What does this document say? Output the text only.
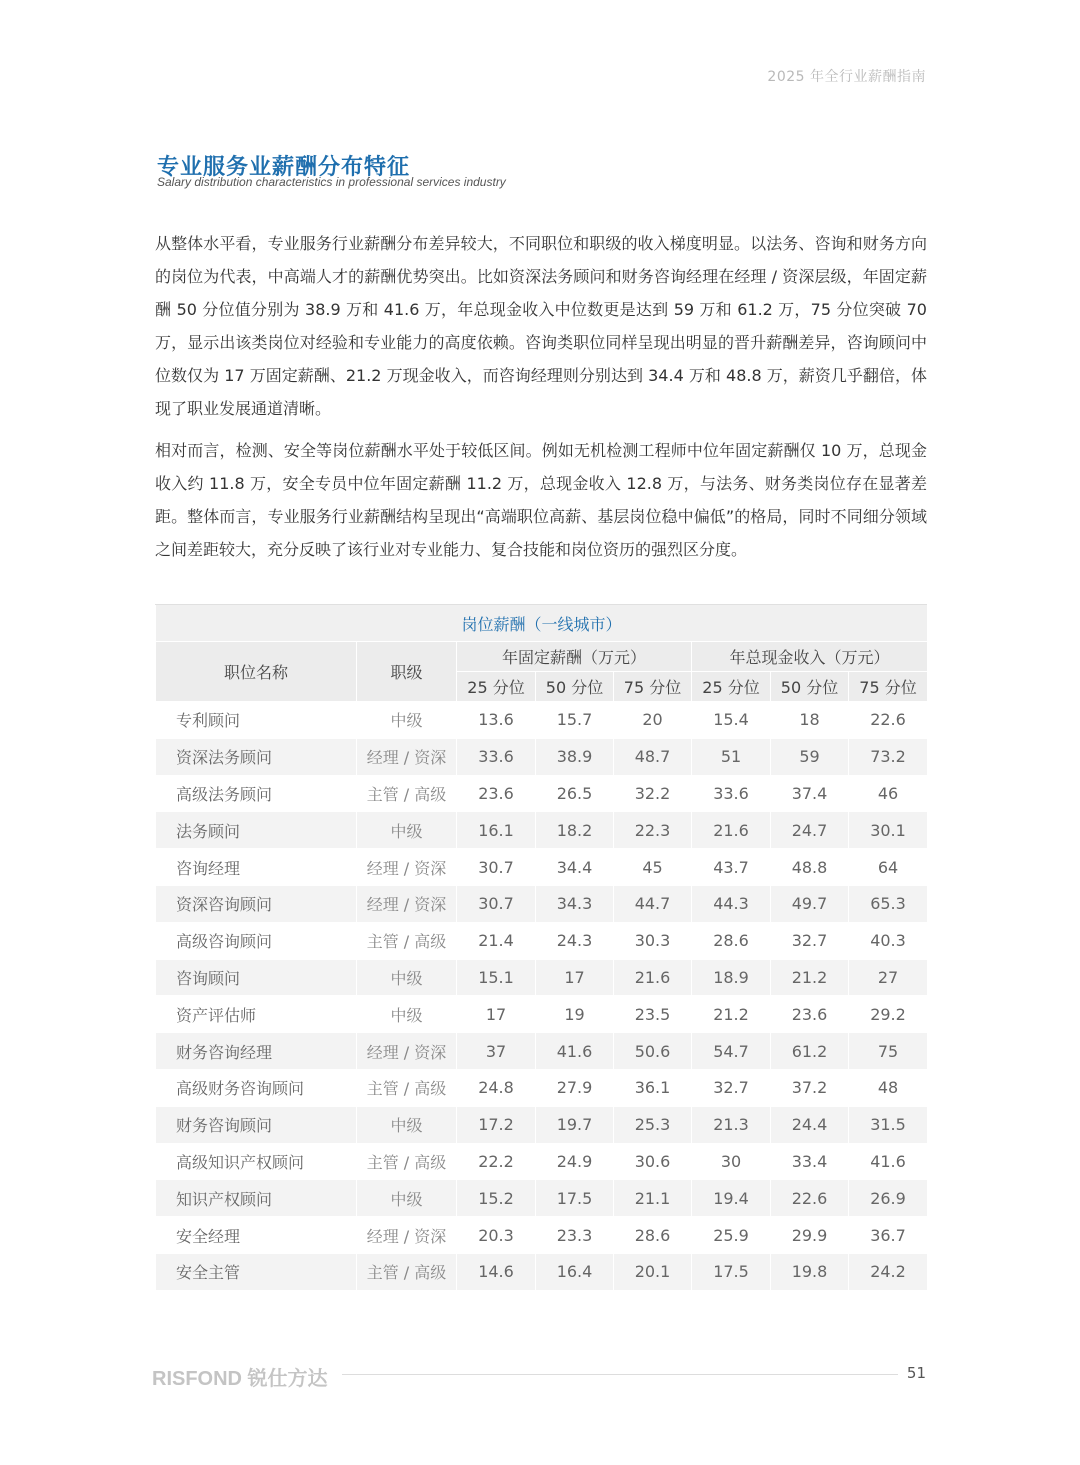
2025 年全行业薪酬指南
专业服务业薪酬分布特征
Salary distribution characteristics in professional services industry

从整体水平看，专业服务行业薪酬分布差异较大，不同职位和职级的收入梯度明显。以法务、咨询和财务方向的岗位为代表，中高端人才的薪酬优势突出。比如资深法务顾问和财务咨询经理在经理 / 资深层级，年固定薪酬 50 分位值分别为 38.9 万和 41.6 万，年总现金收入中位数更是达到 59 万和 61.2 万，75 分位突破 70 万，显示出该类岗位对经验和专业能力的高度依赖。咨询类职位同样呈现出明显的晋升薪酬差异，咨询顾问中位数仅为 17 万固定薪酬、21.2 万现金收入，而咨询经理则分别达到 34.4 万和 48.8 万，薪资几乎翻倍，体现了职业发展通道清晰。

相对而言，检测、安全等岗位薪酬水平处于较低区间。例如无机检测工程师中位年固定薪酬仅 10 万，总现金收入约 11.8 万，安全专员中位年固定薪酬 11.2 万，总现金收入 12.8 万，与法务、财务类岗位存在显著差距。整体而言，专业服务行业薪酬结构呈现出“高端职位高薪、基层岗位稳中偏低”的格局，同时不同细分领域之间差距较大，充分反映了该行业对专业能力、复合技能和岗位资历的强烈区分度。

岗位薪酬（一线城市）							
职位名称	职级	年固定薪酬（万元）			年总现金收入（万元）		
		25 分位	50 分位	75 分位	25 分位	50 分位	75 分位
专利顾问	中级	13.6	15.7	20	15.4	18	22.6
资深法务顾问	经理 / 资深	33.6	38.9	48.7	51	59	73.2
高级法务顾问	主管 / 高级	23.6	26.5	32.2	33.6	37.4	46
法务顾问	中级	16.1	18.2	22.3	21.6	24.7	30.1
咨询经理	经理 / 资深	30.7	34.4	45	43.7	48.8	64
资深咨询顾问	经理 / 资深	30.7	34.3	44.7	44.3	49.7	65.3
高级咨询顾问	主管 / 高级	21.4	24.3	30.3	28.6	32.7	40.3
咨询顾问	中级	15.1	17	21.6	18.9	21.2	27
资产评估师	中级	17	19	23.5	21.2	23.6	29.2
财务咨询经理	经理 / 资深	37	41.6	50.6	54.7	61.2	75
高级财务咨询顾问	主管 / 高级	24.8	27.9	36.1	32.7	37.2	48
财务咨询顾问	中级	17.2	19.7	25.3	21.3	24.4	31.5
高级知识产权顾问	主管 / 高级	22.2	24.9	30.6	30	33.4	41.6
知识产权顾问	中级	15.2	17.5	21.1	19.4	22.6	26.9
安全经理	经理 / 资深	20.3	23.3	28.6	25.9	29.9	36.7
安全主管	主管 / 高级	14.6	16.4	20.1	17.5	19.8	24.2
RISFOND 锐仕方达	51
